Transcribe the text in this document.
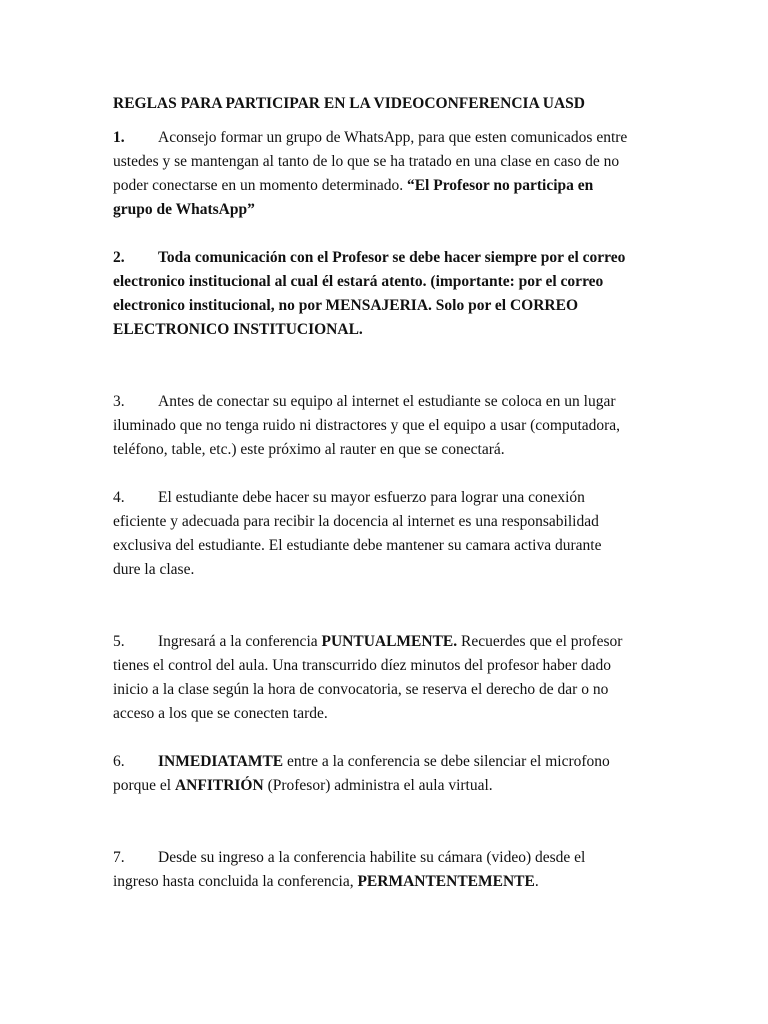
REGLAS PARA PARTICIPAR EN LA VIDEOCONFERENCIA UASD

1. Aconsejo formar un grupo de WhatsApp, para que esten comunicados entre
ustedes y se mantengan al tanto de lo que se ha tratado en una clase en caso de no
poder conectarse en un momento determinado. “El Profesor no participa en
grupo de WhatsApp”
2. Toda comunicación con el Profesor se debe hacer siempre por el correo
electronico institucional al cual él estará atento. (importante: por el correo
electronico institucional, no por MENSAJERIA. Solo por el CORREO
ELECTRONICO INSTITUCIONAL.
3. Antes de conectar su equipo al internet el estudiante se coloca en un lugar
iluminado que no tenga ruido ni distractores y que el equipo a usar (computadora,
teléfono, table, etc.) este próximo al rauter en que se conectará.
4. El estudiante debe hacer su mayor esfuerzo para lograr una conexión
eficiente y adecuada para recibir la docencia al internet es una responsabilidad
exclusiva del estudiante. El estudiante debe mantener su camara activa durante
dure la clase.
5. Ingresará a la conferencia PUNTUALMENTE. Recuerdes que el profesor
tienes el control del aula. Una transcurrido díez minutos del profesor haber dado
inicio a la clase según la hora de convocatoria, se reserva el derecho de dar o no
acceso a los que se conecten tarde.
6. INMEDIATAMTE entre a la conferencia se debe silenciar el microfono
porque el ANFITRIÓN (Profesor) administra el aula virtual.
7. Desde su ingreso a la conferencia habilite su cámara (video) desde el
ingreso hasta concluida la conferencia, PERMANTENTEMENTE.
